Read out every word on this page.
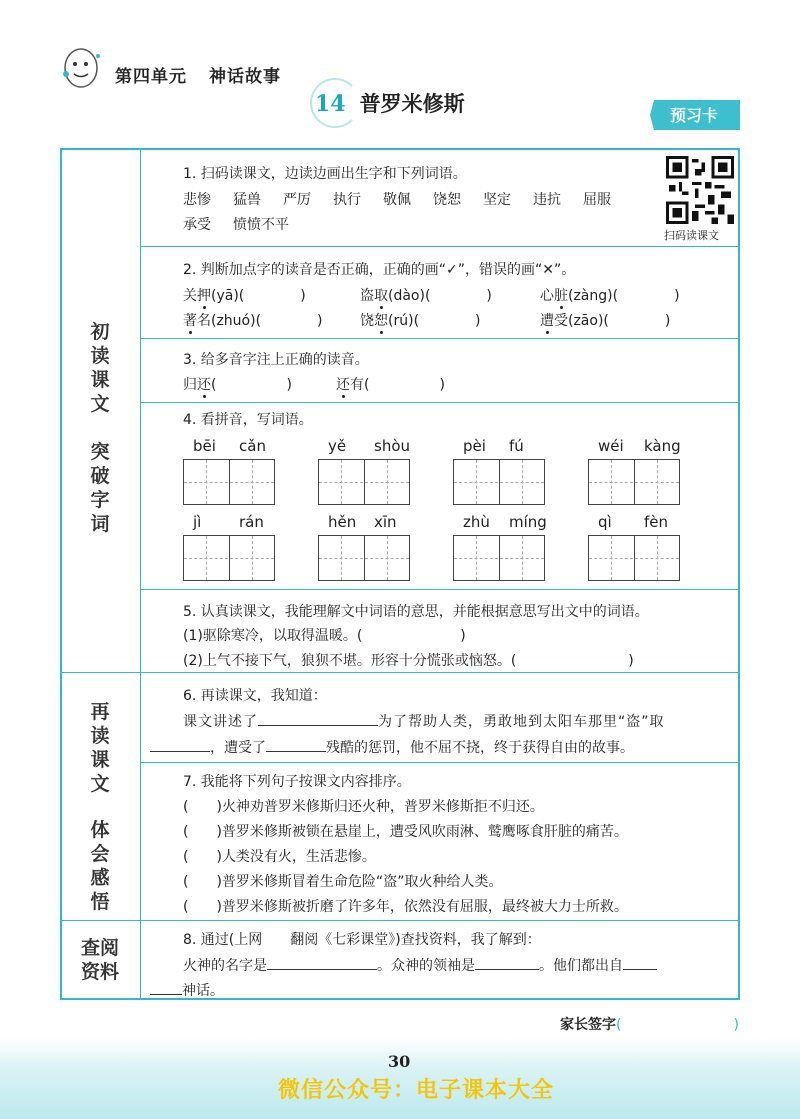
第四单元 神话故事
14 普罗米修斯	预习卡
初
读
课
文
突
破
字
词
再
读
课
文
体
会
感
悟
查阅
资料
1. 扫码读课文，边读边画出生字和下列词语。
悲惨 猛兽 严厉 执行 敬佩 饶恕 坚定 违抗 屈服
承受 愤愤不平
扫码读课文
2. 判断加点字的读音是否正确，正确的画“✓”，错误的画“✕”。
关押(yā)(　　　　)	盗取(dào)(　　　　)	心脏(zàng)(　　　　)
著名(zhuó)(　　　　)	饶恕(rú)(　　　　)	遭受(zāo)(　　　　)
3. 给多音字注上正确的读音。
归还(　　　　　)	还有(　　　　　)
4. 看拼音，写词语。
bēi cǎn	yě shòu	pèi fú	wéi kàng
jì	rán	hěn xīn	zhù míng	qì fèn
5. 认真读课文，我能理解文中词语的意思，并能根据意思写出文中的词语。
(1)驱除寒冷，以取得温暖。(　　　　　　　)
(2)上气不接下气，狼狈不堪。形容十分慌张或恼怒。(　　　　　　　　)
6. 再读课文，我知道：
课文讲述了	为了帮助人类，勇敢地到太阳车那里“盗”取
，遭受了	残酷的惩罚，他不屈不挠，终于获得自由的故事。
7. 我能将下列句子按课文内容排序。
(　　)火神劝普罗米修斯归还火种，普罗米修斯拒不归还。
(　　)普罗米修斯被锁在悬崖上，遭受风吹雨淋、鹫鹰啄食肝脏的痛苦。
(　　)人类没有火，生活悲惨。
(　　)普罗米修斯冒着生命危险“盗”取火种给人类。
(　　)普罗米修斯被折磨了许多年，依然没有屈服，最终被大力士所救。
8. 通过(上网　　翻阅《七彩课堂》)查找资料，我了解到：
火神的名字是	。众神的领袖是	。他们都出自
神话。
家长签字(　　　　　　　　)
30
微信公众号：电子课本大全
